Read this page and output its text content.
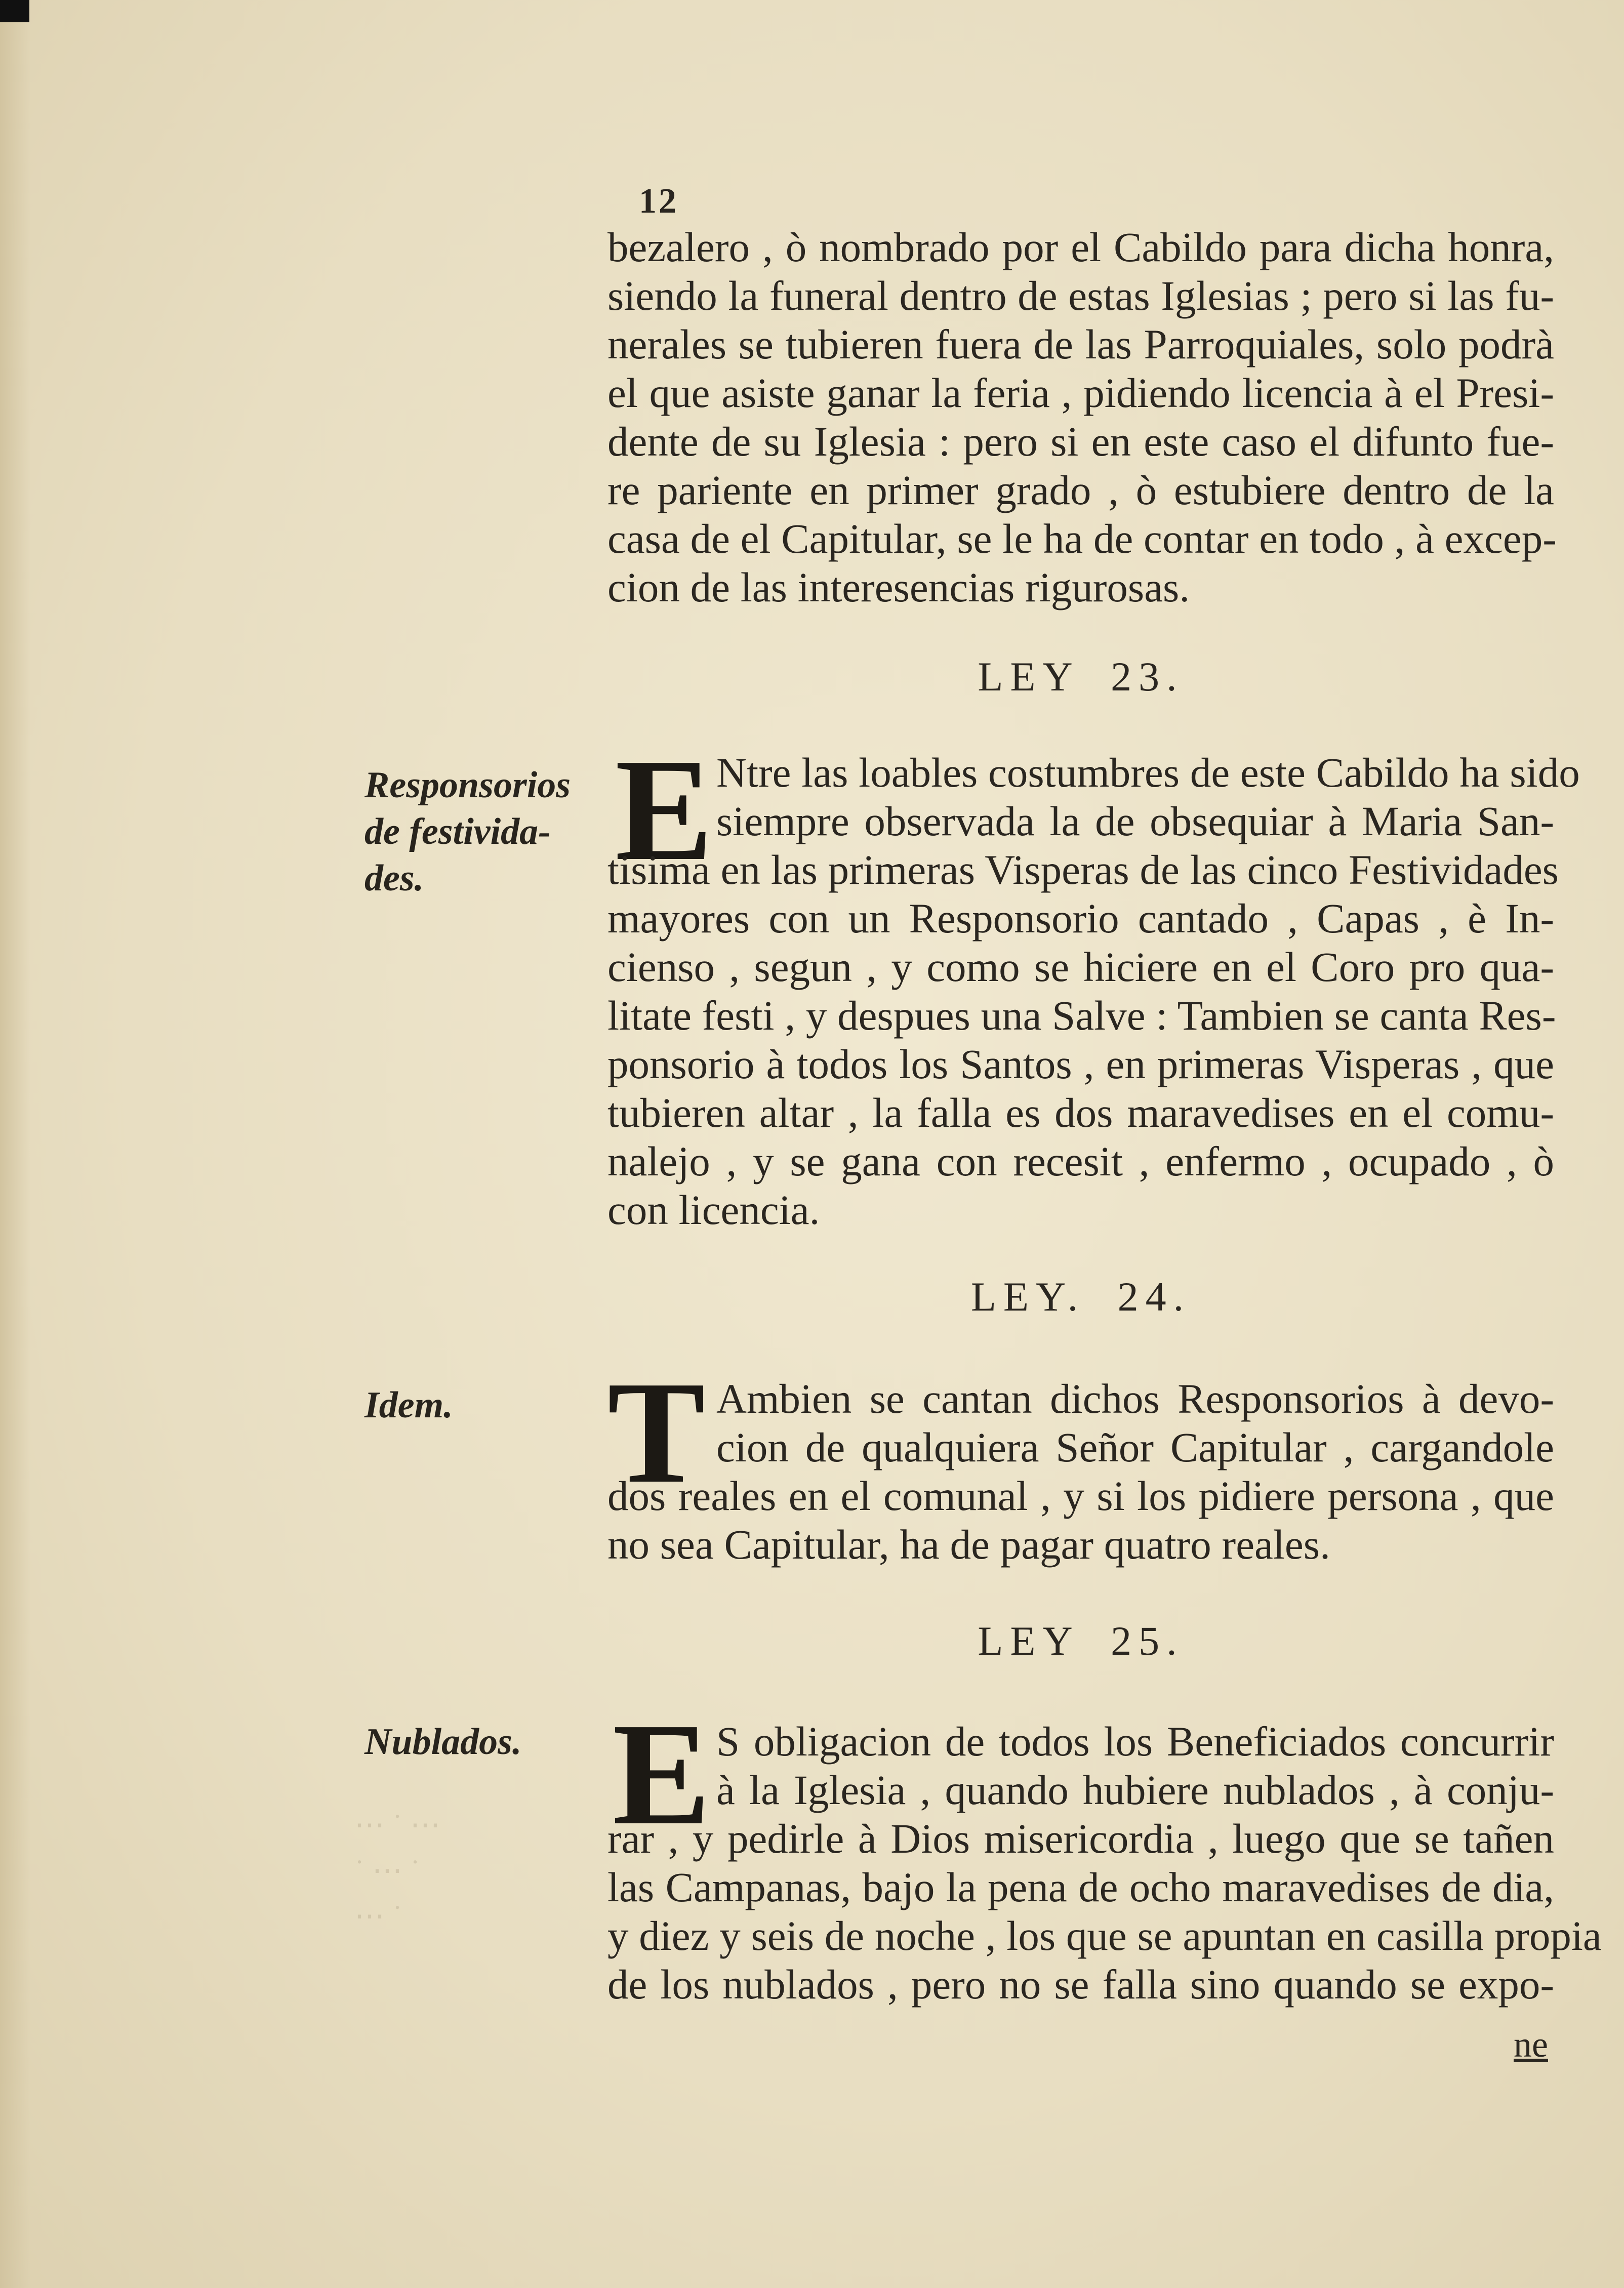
12
bezalero , ò nombrado por el Cabildo para dicha honra,
siendo la funeral dentro de estas Iglesias ; pero si las fu-
nerales se tubieren fuera de las Parroquiales, solo podrà
el que asiste ganar la feria , pidiendo licencia à el Presi-
dente de su Iglesia : pero si en este caso el difunto fue-
re pariente en primer grado , ò estubiere dentro de la
casa de el Capitular, se le ha de contar en todo , à excep-
cion de las interesencias rigurosas.
LEY 23.
Responsorios
de festivida-
des.	E Ntre las loables costumbres de este Cabildo ha sido
siempre observada la de obsequiar à Maria San-
tisima en las primeras Visperas de las cinco Festividades
mayores con un Responsorio cantado , Capas , è In-
cienso , segun , y como se hiciere en el Coro pro qua-
litate festi , y despues una Salve : Tambien se canta Res-
ponsorio à todos los Santos , en primeras Visperas , que
tubieren altar , la falla es dos maravedises en el comu-
nalejo , y se gana con recesit , enfermo , ocupado , ò
con licencia.
LEY. 24.
Idem.	T Ambien se cantan dichos Responsorios à devo-
cion de qualquiera Señor Capitular , cargandole
dos reales en el comunal , y si los pidiere persona , que
no sea Capitular, ha de pagar quatro reales.
LEY 25.
Nublados. E S obligacion de todos los Beneficiados concurrir
à la Iglesia , quando hubiere nublados , à conju-
rar , y pedirle à Dios misericordia , luego que se tañen
las Campanas, bajo la pena de ocho maravedises de dia,
y diez y seis de noche , los que se apuntan en casilla propia
de los nublados , pero no se falla sino quando se expo-
ne
⋯ ˙ ⋯
˙ ⋯ ˙
⋯ ˙
